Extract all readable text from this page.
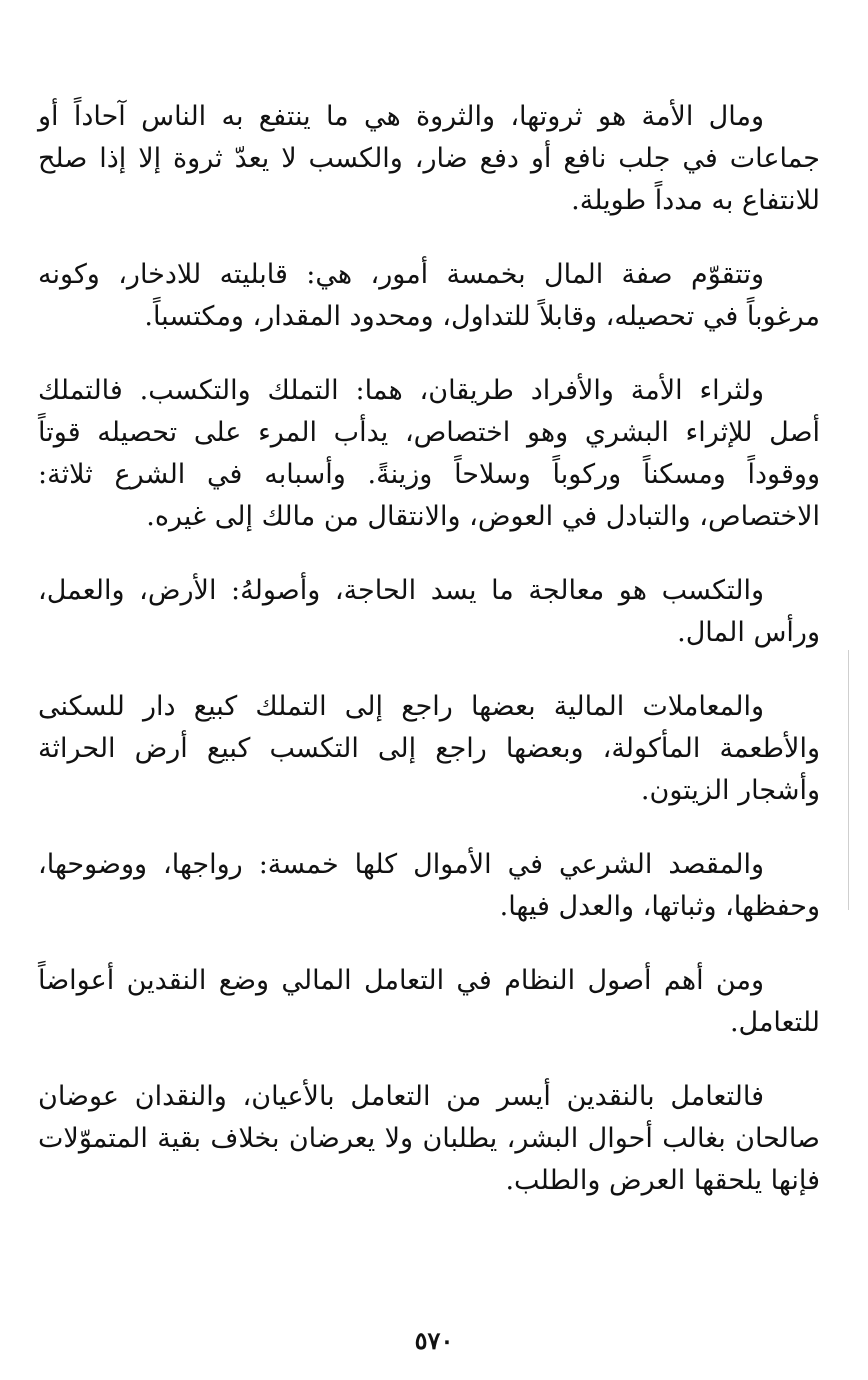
ومال الأمة هو ثروتها، والثروة هي ما ينتفع به الناس آحاداً أو جماعات في جلب نافع أو دفع ضار، والكسب لا يعدّ ثروة إلا إذا صلح للانتفاع به مدداً طويلة.

وتتقوّم صفة المال بخمسة أمور، هي: قابليته للادخار، وكونه مرغوباً في تحصيله، وقابلاً للتداول، ومحدود المقدار، ومكتسباً.

ولثراء الأمة والأفراد طريقان، هما: التملك والتكسب. فالتملك أصل للإثراء البشري وهو اختصاص، يدأب المرء على تحصيله قوتاً ووقوداً ومسكناً وركوباً وسلاحاً وزينةً. وأسبابه في الشرع ثلاثة: الاختصاص، والتبادل في العوض، والانتقال من مالك إلى غيره.

والتكسب هو معالجة ما يسد الحاجة، وأصولهُ: الأرض، والعمل، ورأس المال.

والمعاملات المالية بعضها راجع إلى التملك كبيع دار للسكنى والأطعمة المأكولة، وبعضها راجع إلى التكسب كبيع أرض الحراثة وأشجار الزيتون.

والمقصد الشرعي في الأموال كلها خمسة: رواجها، ووضوحها، وحفظها، وثباتها، والعدل فيها.

ومن أهم أصول النظام في التعامل المالي وضع النقدين أعواضاً للتعامل.

فالتعامل بالنقدين أيسر من التعامل بالأعيان، والنقدان عوضان صالحان بغالب أحوال البشر، يطلبان ولا يعرضان بخلاف بقية المتموّلات فإنها يلحقها العرض والطلب.

٥٧٠
